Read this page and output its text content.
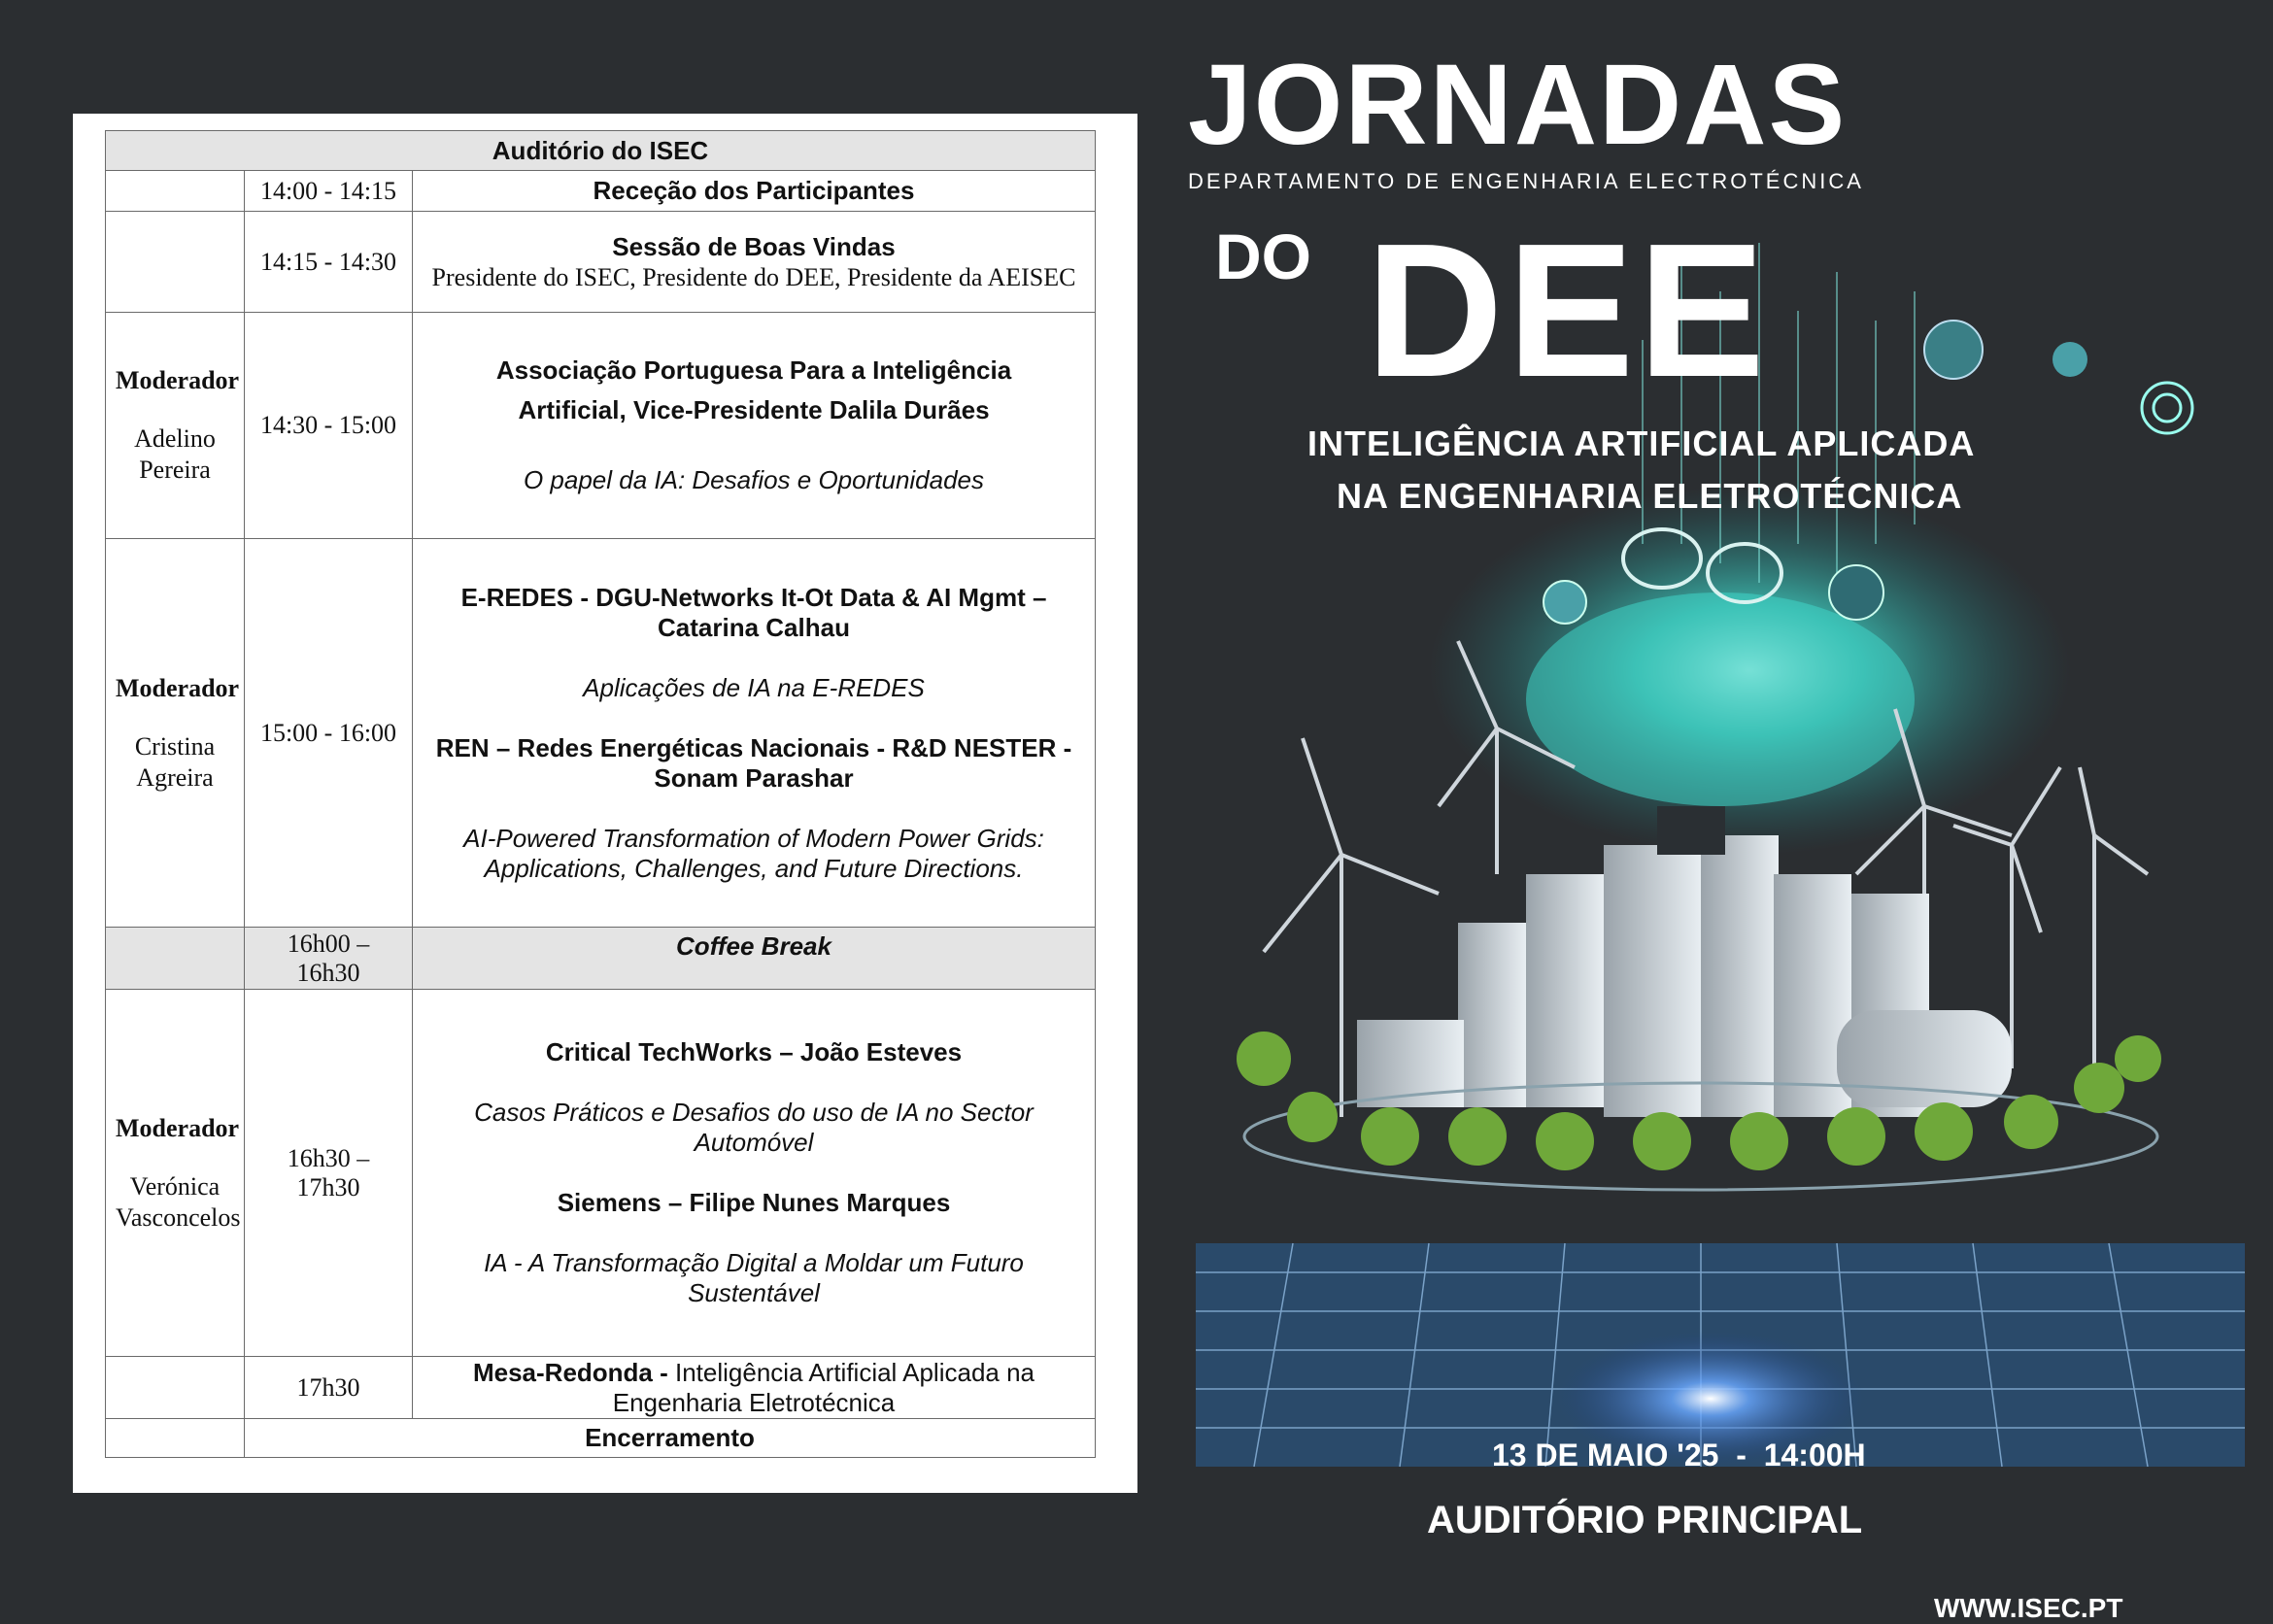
Auditório do ISEC		
	14:00 - 14:15	Receção dos Participantes

	14:15 - 14:30	Sessão de Boas Vindas
Presidente do ISEC, Presidente do DEE, Presidente da AEISEC

Moderador
Adelino Pereira	14:30 - 15:00	Associação Portuguesa Para a Inteligência
Artificial, Vice-Presidente Dalila Durães
O papel da IA: Desafios e Oportunidades

Moderador
Cristina Agreira	15:00 - 16:00	E-REDES - DGU-Networks It-Ot Data & AI Mgmt – Catarina Calhau
Aplicações de IA na E-REDES
REN – Redes Energéticas Nacionais - R&D NESTER - Sonam Parashar
AI-Powered Transformation of Modern Power Grids: Applications, Challenges, and Future Directions.

	16h00 – 16h30	Coffee Break

Moderador
Verónica Vasconcelos	16h30 – 17h30	Critical TechWorks – João Esteves
Casos Práticos e Desafios do uso de IA no Sector Automóvel
Siemens – Filipe Nunes Marques
IA - A Transformação Digital a Moldar um Futuro Sustentável

	17h30	Mesa-Redonda - Inteligência Artificial Aplicada na Engenharia Eletrotécnica

	Encerramento	
JORNADAS
DEPARTAMENTO DE ENGENHARIA ELECTROTÉCNICA
DO DEE
INTELIGÊNCIA ARTIFICIAL APLICADA
NA ENGENHARIA ELETROTÉCNICA
13 DE MAIO '25  -  14:00H
AUDITÓRIO PRINCIPAL
WWW.ISEC.PT
